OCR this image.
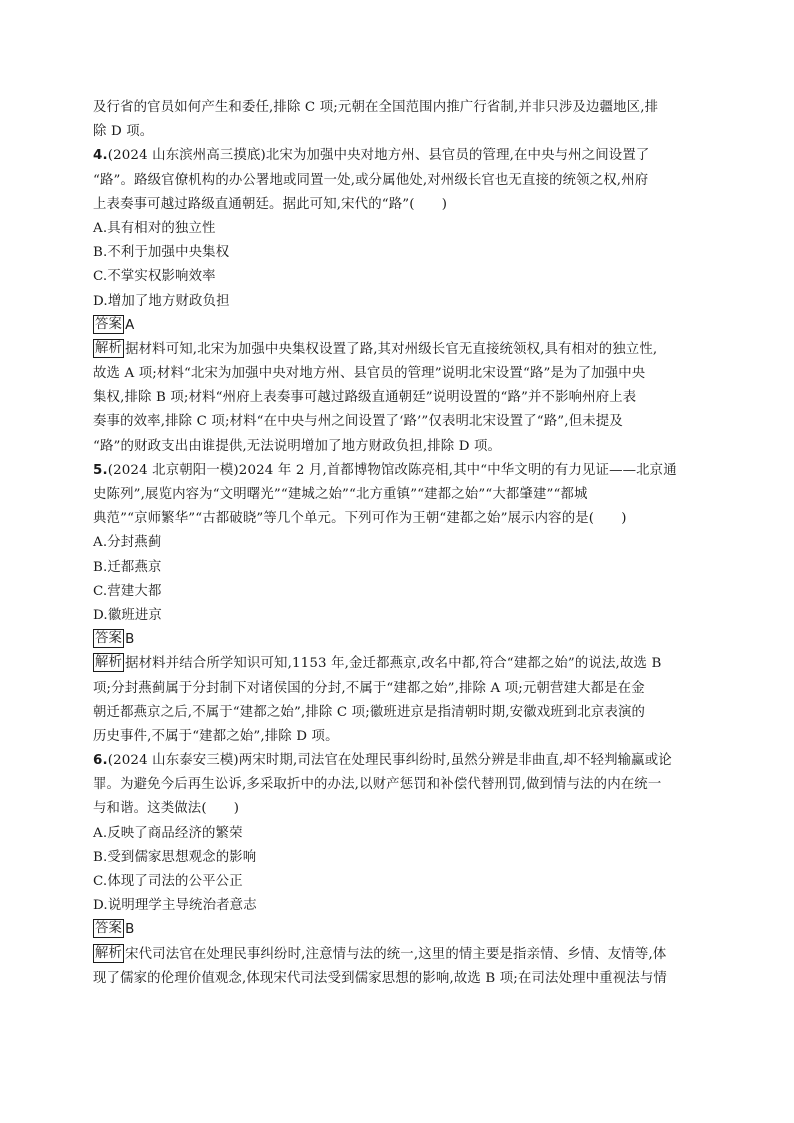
及行省的官员如何产生和委任,排除 C 项;元朝在全国范围内推广行省制,并非只涉及边疆地区,排
除 D 项。
4.(2024 山东滨州高三摸底)北宋为加强中央对地方州、县官员的管理,在中央与州之间设置了
“路”。路级官僚机构的办公署地或同置一处,或分属他处,对州级长官也无直接的统领之权,州府
上表奏事可越过路级直通朝廷。据此可知,宋代的“路”(　　)
A.具有相对的独立性
B.不利于加强中央集权
C.不掌实权影响效率
D.增加了地方财政负担
答案 A
解析 据材料可知,北宋为加强中央集权设置了路,其对州级长官无直接统领权,具有相对的独立性,
故选 A 项;材料“北宋为加强中央对地方州、县官员的管理”说明北宋设置“路”是为了加强中央
集权,排除 B 项;材料“州府上表奏事可越过路级直通朝廷”说明设置的“路”并不影响州府上表
奏事的效率,排除 C 项;材料“在中央与州之间设置了‘路’”仅表明北宋设置了“路”,但未提及
“路”的财政支出由谁提供,无法说明增加了地方财政负担,排除 D 项。
5.(2024 北京朝阳一模)2024 年 2 月,首都博物馆改陈亮相,其中“中华文明的有力见证——北京通
史陈列”,展览内容为“文明曙光”“建城之始”“北方重镇”“建都之始”“大都肇建”“都城
典范”“京师繁华”“古都破晓”等几个单元。下列可作为王朝“建都之始”展示内容的是(　　)
A.分封燕蓟
B.迁都燕京
C.营建大都
D.徽班进京
答案 B
解析 据材料并结合所学知识可知,1153 年,金迁都燕京,改名中都,符合“建都之始”的说法,故选 B
项;分封燕蓟属于分封制下对诸侯国的分封,不属于“建都之始”,排除 A 项;元朝营建大都是在金
朝迁都燕京之后,不属于“建都之始”,排除 C 项;徽班进京是指清朝时期,安徽戏班到北京表演的
历史事件,不属于“建都之始”,排除 D 项。
6.(2024 山东泰安三模)两宋时期,司法官在处理民事纠纷时,虽然分辨是非曲直,却不轻判输赢或论
罪。为避免今后再生讼诉,多采取折中的办法,以财产惩罚和补偿代替刑罚,做到情与法的内在统一
与和谐。这类做法(　　)
A.反映了商品经济的繁荣
B.受到儒家思想观念的影响
C.体现了司法的公平公正
D.说明理学主导统治者意志
答案 B
解析 宋代司法官在处理民事纠纷时,注意情与法的统一,这里的情主要是指亲情、乡情、友情等,体
现了儒家的伦理价值观念,体现宋代司法受到儒家思想的影响,故选 B 项;在司法处理中重视法与情
